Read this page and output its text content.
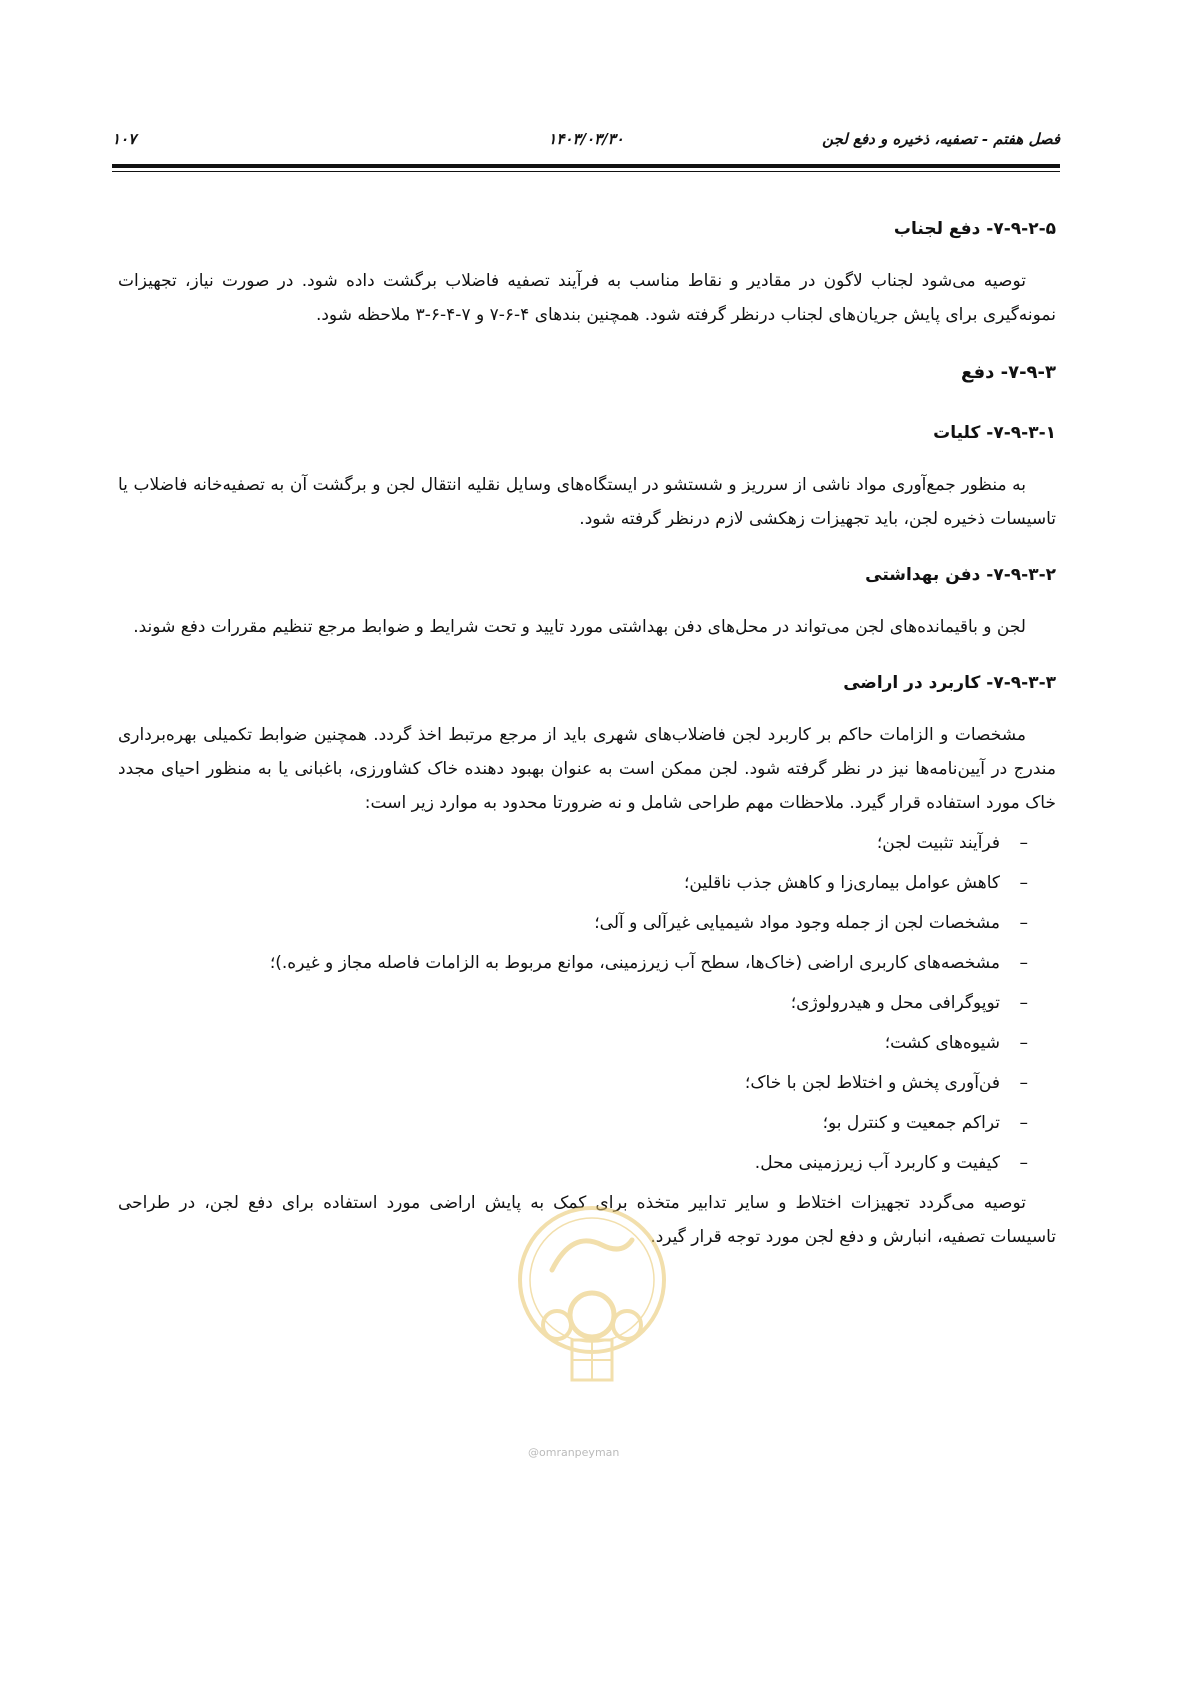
فصل هفتم - تصفیه، ذخیره و دفع لجن
۱۴۰۳/۰۳/۳۰
۱۰۷
۷-۹-۲-۵- دفع لجناب

توصیه می‌شود لجناب لاگون در مقادیر و نقاط مناسب به فرآیند تصفیه فاضلاب برگشت داده شود. در صورت نیاز، تجهیزات نمونه‌گیری برای پایش جریان‌های لجناب درنظر گرفته شود. همچنین بندهای ۴-۶-۷ و ۷-۴-۶-۳ ملاحظه شود.

۷-۹-۳- دفع
۷-۹-۳-۱- کلیات

به منظور جمع‌آوری مواد ناشی از سرریز و شستشو در ایستگاه‌های وسایل نقلیه انتقال لجن و برگشت آن به تصفیه‌خانه فاضلاب یا تاسیسات ذخیره لجن، باید تجهیزات زهکشی لازم درنظر گرفته شود.

۷-۹-۳-۲- دفن بهداشتی

لجن و باقیمانده‌های لجن می‌تواند در محل‌های دفن بهداشتی مورد تایید و تحت شرایط و ضوابط مرجع تنظیم مقررات دفع شوند.

۷-۹-۳-۳- کاربرد در اراضی

مشخصات و الزامات حاکم بر کاربرد لجن فاضلاب‌های شهری باید از مرجع مرتبط اخذ گردد. همچنین ضوابط تکمیلی بهره‌برداری مندرج در آیین‌نامه‌ها نیز در نظر گرفته شود. لجن ممکن است به عنوان بهبود دهنده خاک کشاورزی، باغبانی یا به منظور احیای مجدد خاک مورد استفاده قرار گیرد. ملاحظات مهم طراحی شامل و نه ضرورتا محدود به موارد زیر است:

–
فرآیند تثبیت لجن؛
–
کاهش عوامل بیماری‌زا و کاهش جذب ناقلین؛
–
مشخصات لجن از جمله وجود مواد شیمیایی غیرآلی و آلی؛
–
مشخصه‌های کاربری اراضی (خاک‌ها، سطح آب زیرزمینی، موانع مربوط به الزامات فاصله مجاز و غیره.)؛
–
توپوگرافی محل و هیدرولوژی؛
–
شیوه‌های کشت؛
–
فن‌آوری پخش و اختلاط لجن با خاک؛
–
تراکم جمعیت و کنترل بو؛
–
کیفیت و کاربرد آب زیرزمینی محل.

توصیه می‌گردد تجهیزات اختلاط و سایر تدابیر متخذه برای کمک به پایش اراضی مورد استفاده برای دفع لجن، در طراحی تاسیسات تصفیه، انبارش و دفع لجن مورد توجه قرار گیرد.

@omranpeyman
